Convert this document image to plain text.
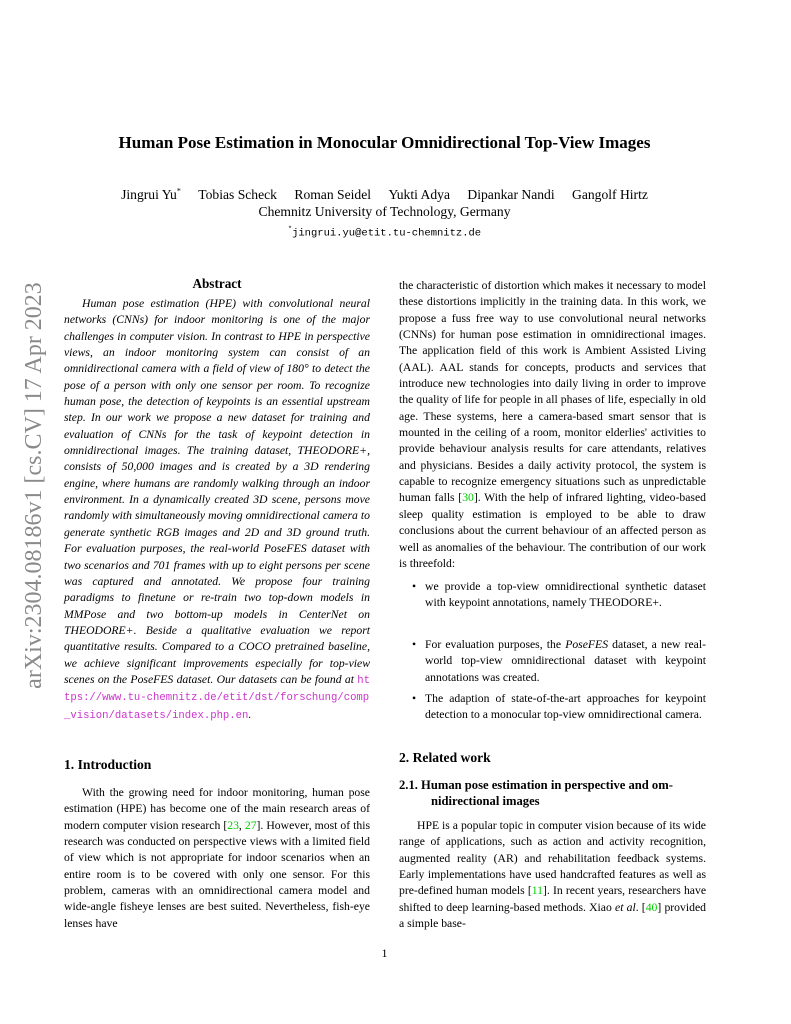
arXiv:2304.08186v1 [cs.CV] 17 Apr 2023
Human Pose Estimation in Monocular Omnidirectional Top-View Images
Jingrui Yu* Tobias Scheck Roman Seidel Yukti Adya Dipankar Nandi Gangolf Hirtz
Chemnitz University of Technology, Germany
*jingrui.yu@etit.tu-chemnitz.de
Abstract

Human pose estimation (HPE) with convolutional neural networks (CNNs) for indoor monitoring is one of the major challenges in computer vision. In contrast to HPE in perspective views, an indoor monitoring system can consist of an omnidirectional camera with a field of view of 180° to detect the pose of a person with only one sensor per room. To recognize human pose, the detection of keypoints is an essential upstream step. In our work we propose a new dataset for training and evaluation of CNNs for the task of keypoint detection in omnidirectional images. The training dataset, THEODORE+, consists of 50,000 images and is created by a 3D rendering engine, where humans are randomly walking through an indoor environment. In a dynamically created 3D scene, persons move randomly with simultaneously moving omnidirectional camera to generate synthetic RGB images and 2D and 3D ground truth. For evaluation purposes, the real-world PoseFES dataset with two scenarios and 701 frames with up to eight persons per scene was captured and annotated. We propose four training paradigms to finetune or re-train two top-down models in MMPose and two bottom-up models in CenterNet on THEODORE+. Beside a qualitative evaluation we report quantitative results. Compared to a COCO pretrained baseline, we achieve significant improvements especially for top-view scenes on the PoseFES dataset. Our datasets can be found at https://www.tu-chemnitz.de/etit/dst/forschung/comp_vision/datasets/index.php.en.

1. Introduction

With the growing need for indoor monitoring, human pose estimation (HPE) has become one of the main research areas of modern computer vision research [23, 27]. However, most of this research was conducted on perspective views with a limited field of view which is not appropriate for indoor scenarios when an entire room is to be covered with only one sensor. For this problem, cameras with an omnidirectional camera model and wide-angle fisheye lenses are best suited. Nevertheless, fish-eye lenses have

the characteristic of distortion which makes it necessary to model these distortions implicitly in the training data. In this work, we propose a fuss free way to use convolutional neural networks (CNNs) for human pose estimation in omnidirectional images. The application field of this work is Ambient Assisted Living (AAL). AAL stands for concepts, products and services that introduce new technologies into daily living in order to improve the quality of life for people in all phases of life, especially in old age. These systems, here a camera-based smart sensor that is mounted in the ceiling of a room, monitor elderlies' activities to provide behaviour analysis results for care attendants, relatives and physicians. Besides a daily activity protocol, the system is capable to recognize emergency situations such as unpredictable human falls [30]. With the help of infrared lighting, video-based sleep quality estimation is employed to be able to draw conclusions about the current behaviour of an affected person as well as anomalies of the behaviour. The contribution of our work is threefold:

• we provide a top-view omnidirectional synthetic dataset with keypoint annotations, namely THEODORE+.
• For evaluation purposes, the PoseFES dataset, a new real-world top-view omnidirectional dataset with keypoint annotations was created.
• The adaption of state-of-the-art approaches for keypoint detection to a monocular top-view omnidirectional camera.
2. Related work
2.1. Human pose estimation in perspective and om-
nidirectional images

HPE is a popular topic in computer vision because of its wide range of applications, such as action and activity recognition, augmented reality (AR) and rehabilitation feedback systems. Early implementations have used handcrafted features as well as pre-defined human models [11]. In recent years, researchers have shifted to deep learning-based methods. Xiao et al. [40] provided a simple base-

1
